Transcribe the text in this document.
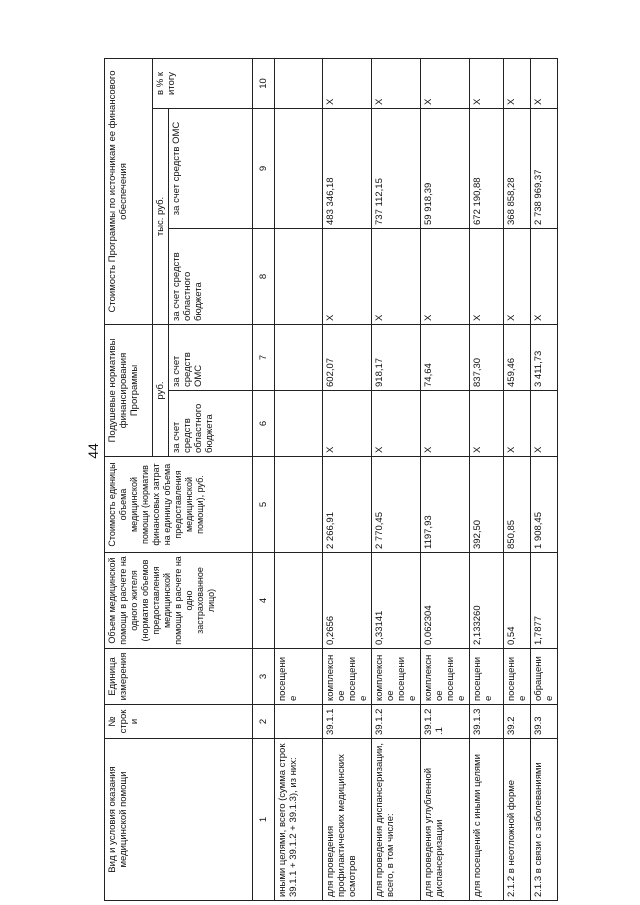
44
Вид и условия оказания медицинской помощи	№ строк и	Единица измерения	Объем медицинской помощи в расчете на одного жителя (норматив объемов предоставления медицинской помощи в расчете на одно застрахованное лицо)	Стоимость единицы объема медицинской помощи (норматив финансовых затрат на единицу объема предоставления медицинской помощи), руб.	Подушевые нормативы финансирования Программы		Стоимость Программы по источникам ее финансового обеспечения		
					руб.		тыс. руб.		в % к итогу
					за счет средств областного бюджета	за счет средств ОМС	за счет средств областного бюджета	за счет средств ОМС	
1	2	3	4	5	6	7	8	9	10
иными целями, всего (сумма строк 39.1.1 + 39.1.2 + 39.1.3), из них:		посещение							
для проведения профилактических медицинских осмотров	39.1.1	комплексное посещение	0,2656	2 266,91	Х	602,07	Х	483 346,18	Х
для проведения диспансеризации, всего, в том числе:	39.1.2	комплексное посещение	0,33141	2 770,45	Х	918,17	Х	737 112,15	Х
для проведения углубленной диспансеризации	39.1.2.1	комплексное посещение	0,062304	1197,93	Х	74,64	Х	59 918,39	Х
для посещений с иными целями	39.1.3	посещение	2,133260	392,50	Х	837,30	Х	672 190,88	Х
2.1.2 в неотложной форме	39.2	посещение	0,54	850,85	Х	459,46	Х	368 858,28	Х
2.1.3 в связи с заболеваниями	39.3	обращение	1,7877	1 908,45	Х	3 411,73	Х	2 738 969,37	Х
